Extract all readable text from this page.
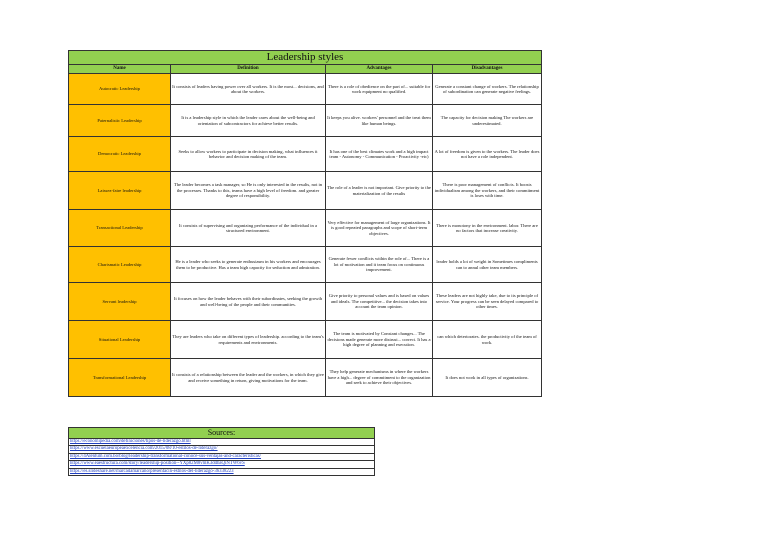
Leadership styles			
Name	Definition	Advantages	Disadvantages
Autocratic Leadership	It consists of leaders having power over all workers. It is the most... decisions, and about the workers.	There is a role of obedience on the part of... suitable for work equipment no qualified.	Generate a constant change of workers. The relationship of subordination can generate negative feelings.
Paternalistic Leadership	It is a leadership style in which the leader cares about the well-being and orientation of subcontractors for achieve better results.	It keeps you alive. workers' personnel and the treat them like human beings.	The capacity for decision making The workers are underestimated.
Democratic Leadership	Seeks to allow workers to participate in decision making, what influences it behavior and decision making of the team.	It has one of the best climates work and a high impact team - Autonomy - Communication - Proactivity -etc)	A lot of freedom is given to the workers. The leader does not have a role independent.
Laissez-faire leadership	The leader becomes a task manager, so He is only interested in the results, not in the processes. Thanks to this, teams have a high level of freedom. and greater degree of responsibility.	The role of a leader is not important. Give priority to the materialization of the results	There is poor management of conflicts. It boosts individualism among the workers, and their commitment is loses with time.
Transactional Leadership	It consists of supervising and organizing performance of the individual in a structured environment.	Very effective for management of large organizations. It is good repeated paragraphs and scope of short-term objectives.	There is monotony in the environment. labor. There are no factors that increase creativity.
Charismatic Leadership	He is a leader who seeks to generate enthusiasm in his workers and encourages them to be productive. Has a team high capacity for seduction and admiration.	Generate fewer conflicts within the role of... There is a lot of motivation and it team focus on continuous improvement.	leader holds a lot of weight in Sometimes compliments can to annul other team members.
Servant leadership	It focuses on how the leader behaves with their subordinates, seeking the growth and well-being of the people and their communities.	Give priority to personal values and is based on values and ideals. The competitive... the decision takes into account the team opinion.	These leaders are not highly take, due to its principle of service. Your progress can be seen delayed compared to other times.
Situational Leadership	They are leaders who take on different types of leadership. according to the team's requirements and environments.	The team is motivated by Constant changes... The decisions made generate more distrust... correct. It has a high degree of planning and execution.	can which deteriorates. the productivity of the team of work.
Transformational Leadership	It consists of a relationship between the leader and the workers, in which they give and receive something in return, giving motivations for the team.	They help generate mechanisms in where the workers have a high... degree of commitment to the organization and seek to achieve their objectives.	It does not work in all types of organizations.
Sources:
https://economipedia.com/definiciones/tipos-de-liderazgo.html
https://www.escuelaeuropeaexcelencia.com/2015/08/10-estilos-de-liderazgo/
https://4Alentum.com.bo/blog/leadership-transformational-conoce-sus-ventajas-and-caracteristicas/
https://www.eaestructura.com/story/leadership-position--YXp82M8vmK3ddbaQiNTW6vS
https://es.slideshare.net/marcadamarcano/presentacin-estilos-del-liderazgo-36338223
